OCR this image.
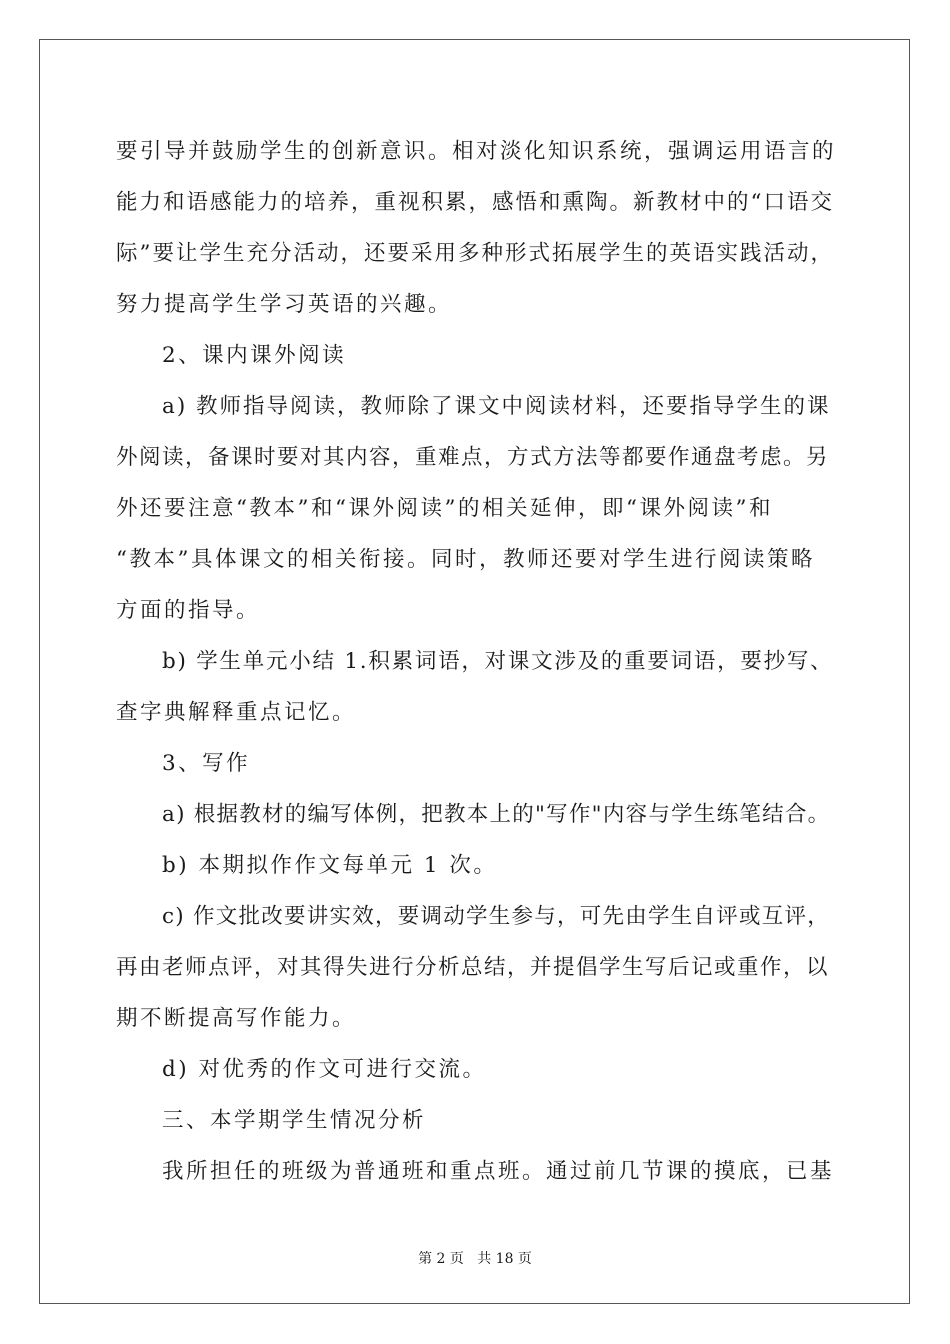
要引导并鼓励学生的创新意识。相对淡化知识系统，强调运用语言的
能力和语感能力的培养，重视积累，感悟和熏陶。新教材中的“口语交
际”要让学生充分活动，还要采用多种形式拓展学生的英语实践活动，
努力提高学生学习英语的兴趣。
2、课内课外阅读
a) 教师指导阅读，教师除了课文中阅读材料，还要指导学生的课
外阅读，备课时要对其内容，重难点，方式方法等都要作通盘考虑。另
外还要注意“教本”和“课外阅读”的相关延伸，即“课外阅读”和
“教本”具体课文的相关衔接。同时，教师还要对学生进行阅读策略
方面的指导。
b) 学生单元小结 1.积累词语，对课文涉及的重要词语，要抄写、
查字典解释重点记忆。
3、写作
a) 根据教材的编写体例，把教本上的"写作"内容与学生练笔结合。
b) 本期拟作作文每单元 1 次。
c) 作文批改要讲实效，要调动学生参与，可先由学生自评或互评，
再由老师点评，对其得失进行分析总结，并提倡学生写后记或重作，以
期不断提高写作能力。
d) 对优秀的作文可进行交流。
三、本学期学生情况分析
我所担任的班级为普通班和重点班。通过前几节课的摸底，已基
第 2 页   共 18 页
